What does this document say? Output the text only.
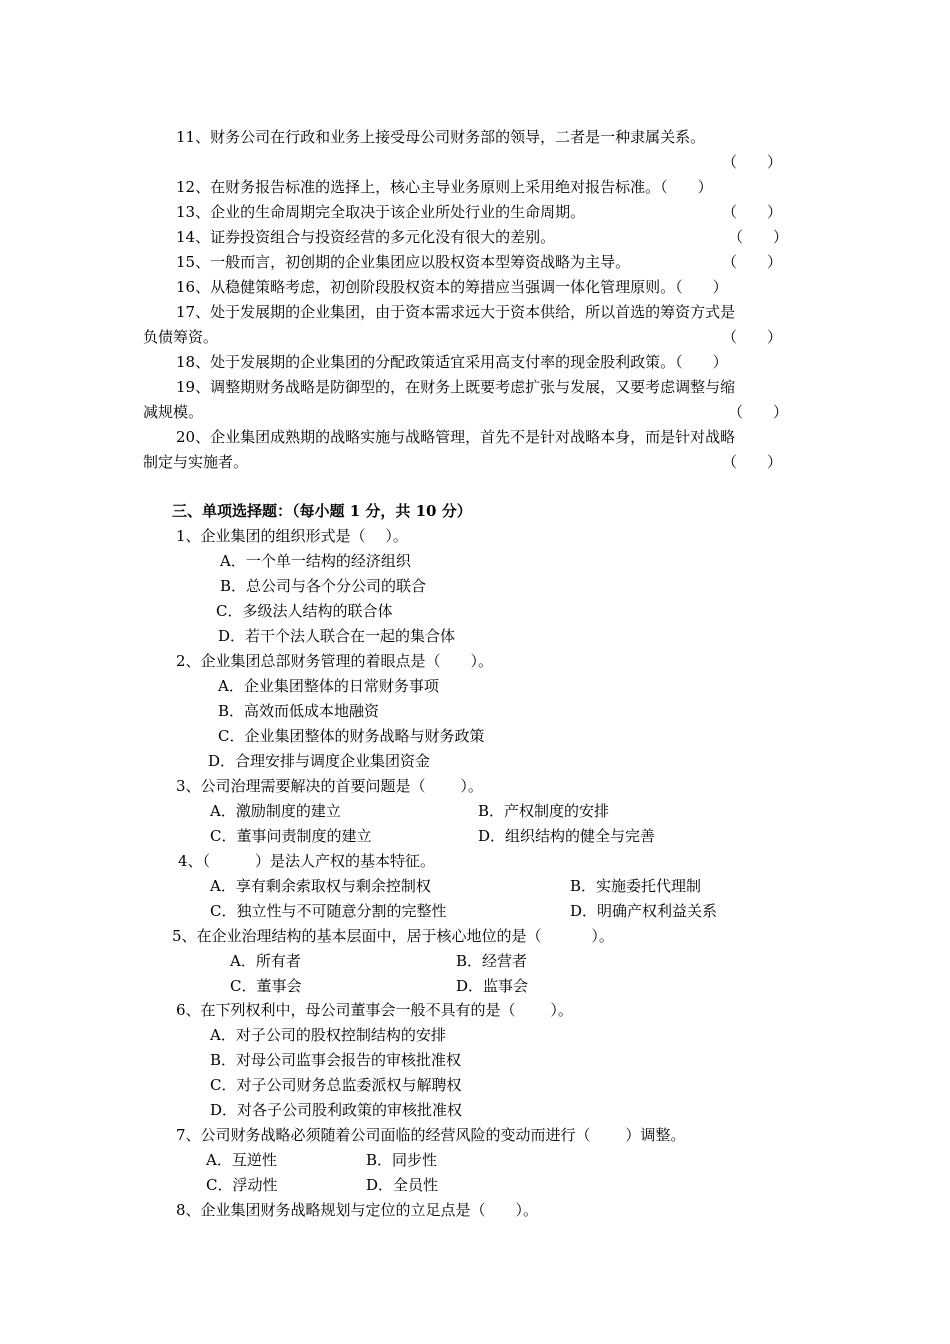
11、财务公司在行政和业务上接受母公司财务部的领导，二者是一种隶属关系。
（　　）
12、在财务报告标准的选择上，核心主导业务原则上采用绝对报告标准。（　　）
13、企业的生命周期完全取决于该企业所处行业的生命周期。	（　　）
14、证券投资组合与投资经营的多元化没有很大的差别。	（　　）
15、一般而言，初创期的企业集团应以股权资本型筹资战略为主导。	（　　）
16、从稳健策略考虑，初创阶段股权资本的筹措应当强调一体化管理原则。（　　）
17、处于发展期的企业集团，由于资本需求远大于资本供给，所以首选的筹资方式是
负债筹资。	（　　）
18、处于发展期的企业集团的分配政策适宜采用高支付率的现金股利政策。（　　）
19、调整期财务战略是防御型的，在财务上既要考虑扩张与发展，又要考虑调整与缩
减规模。	（　　）
20、企业集团成熟期的战略实施与战略管理，首先不是针对战略本身，而是针对战略
制定与实施者。	（　　）
三、单项选择题：（每小题 1 分，共 10 分）
1、企业集团的组织形式是（　 ）。
A．一个单一结构的经济组织
B．总公司与各个分公司的联合
C．多级法人结构的联合体
D．若干个法人联合在一起的集合体
2、企业集团总部财务管理的着眼点是（　　）。
A．企业集团整体的日常财务事项
B．高效而低成本地融资
C．企业集团整体的财务战略与财务政策
D．合理安排与调度企业集团资金
3、公司治理需要解决的首要问题是（　　 ）。
A．激励制度的建立	B．产权制度的安排
C．董事问责制度的建立	D．组织结构的健全与完善
4、（　　　）是法人产权的基本特征。
A．享有剩余索取权与剩余控制权	B．实施委托代理制
C．独立性与不可随意分割的完整性	D．明确产权利益关系
5、在企业治理结构的基本层面中，居于核心地位的是（　　　 ）。
A．所有者	B．经营者
C．董事会	D．监事会
6、在下列权利中，母公司董事会一般不具有的是（　　 ）。
A．对子公司的股权控制结构的安排
B．对母公司监事会报告的审核批准权
C．对子公司财务总监委派权与解聘权
D．对各子公司股利政策的审核批准权
7、公司财务战略必须随着公司面临的经营风险的变动而进行（　　 ）调整。
A．互逆性	B．同步性
C．浮动性	D．全员性
8、企业集团财务战略规划与定位的立足点是（　　）。
